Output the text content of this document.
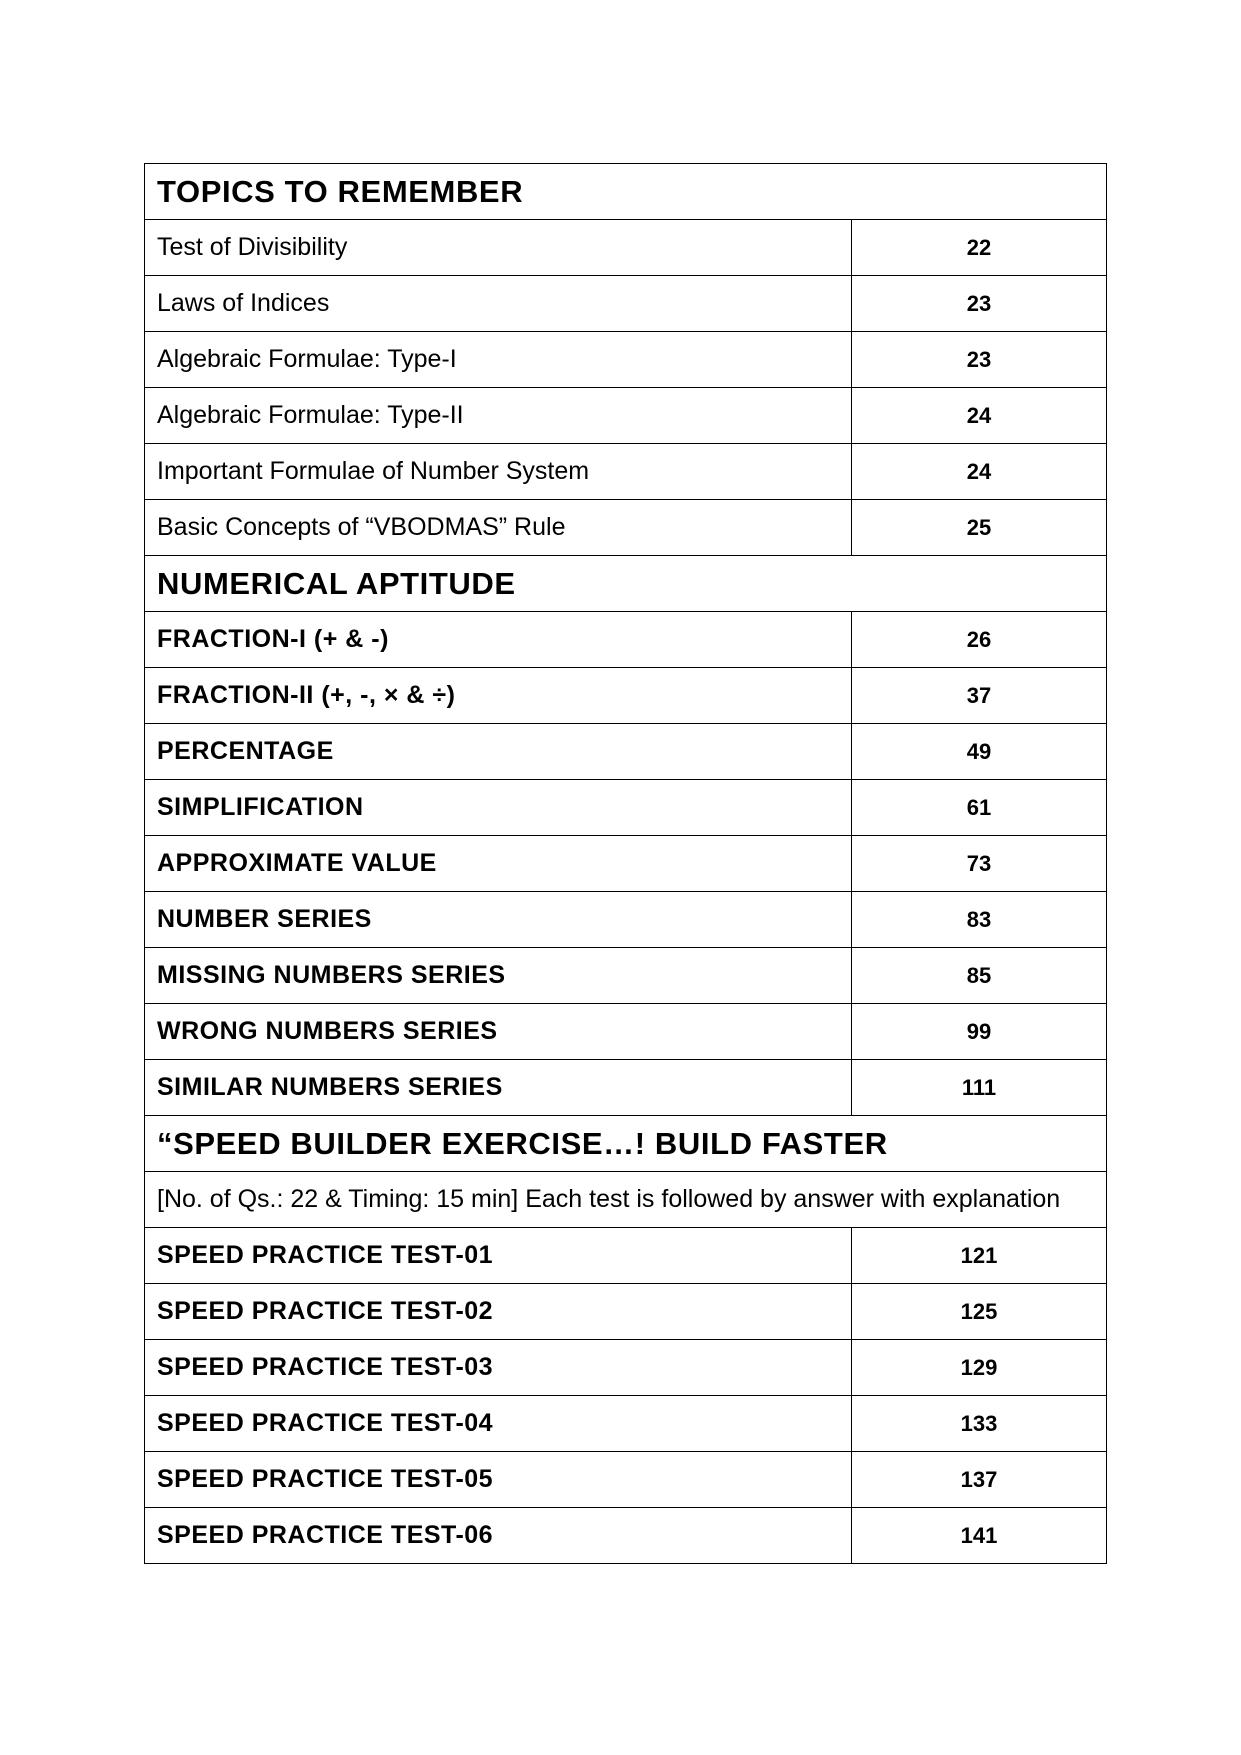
TOPICS TO REMEMBER	
Test of Divisibility	22
Laws of Indices	23
Algebraic Formulae: Type-I	23
Algebraic Formulae: Type-II	24
Important Formulae of Number System	24
Basic Concepts of “VBODMAS” Rule	25
NUMERICAL APTITUDE	
FRACTION-I (+ & -)	26
FRACTION-II (+, -, × & ÷)	37
PERCENTAGE	49
SIMPLIFICATION	61
APPROXIMATE VALUE	73
NUMBER SERIES	83
MISSING NUMBERS SERIES	85
WRONG NUMBERS SERIES	99
SIMILAR NUMBERS SERIES	111
“SPEED BUILDER EXERCISE…! BUILD FASTER	
[No. of Qs.: 22 & Timing: 15 min] Each test is followed by answer with explanation	
SPEED PRACTICE TEST-01	121
SPEED PRACTICE TEST-02	125
SPEED PRACTICE TEST-03	129
SPEED PRACTICE TEST-04	133
SPEED PRACTICE TEST-05	137
SPEED PRACTICE TEST-06	141
